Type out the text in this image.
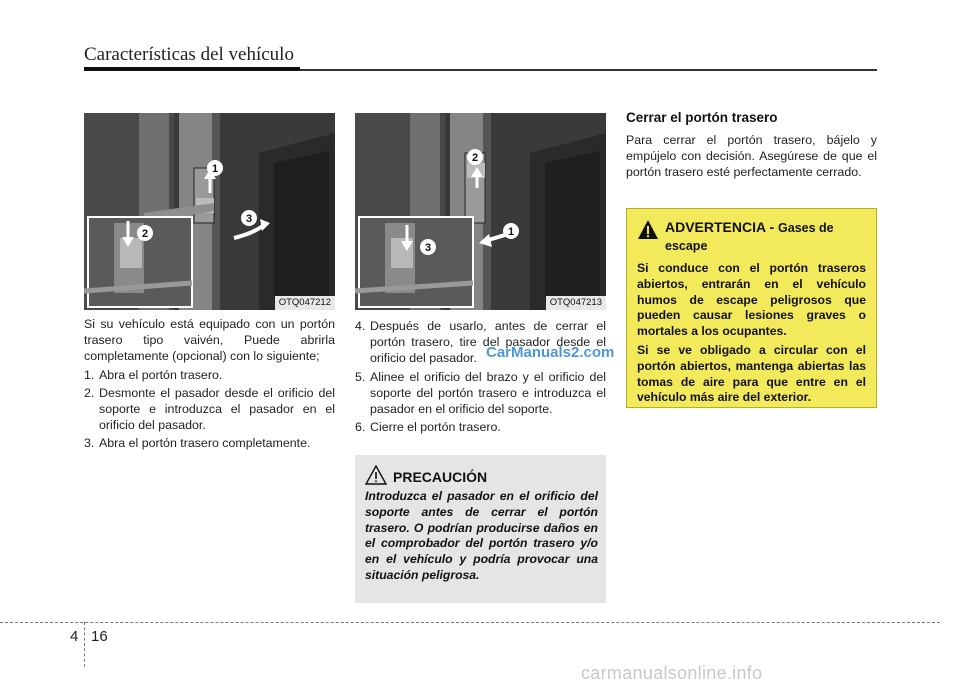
Características del vehículo
1
2
3
OTQ047212
1
2
3
OTQ047213

Si su vehículo está equipado con un portón trasero tipo vaivén, Puede abrirla completamente (opcional) con lo siguiente;

1. Abra el portón trasero.
2. Desmonte el pasador desde el orificio del soporte e introduzca el pasador en el orificio del pasador.
3. Abra el portón trasero completamente.
4. Después de usarlo, antes de cerrar el portón trasero, tire del pasador desde el orificio del pasador.
5. Alinee el orificio del brazo y el orificio del soporte del portón trasero e introduzca el pasador en el orificio del soporte.
6. Cierre el portón trasero.
CarManuals2.com
PRECAUCIÓN

Introduzca el pasador en el orificio del soporte antes de cerrar el portón trasero. O podrían producirse daños en el comprobador del portón trasero y/o en el vehículo y podría provocar una situación peligrosa.

Cerrar el portón trasero
Para cerrar el portón trasero, bájelo y empújelo con decisión. Asegúrese de que el portón trasero esté perfectamente cerrado.
ADVERTENCIA - Gases de escape

Si conduce con el portón traseros abiertos, entrarán en el vehículo humos de escape peligrosos que pueden causar lesiones graves o mortales a los ocupantes.

Si se ve obligado a circular con el portón abiertos, mantenga abiertas las tomas de aire para que entre en el vehículo más aire del exterior.

4 16
carmanualsonline.info
